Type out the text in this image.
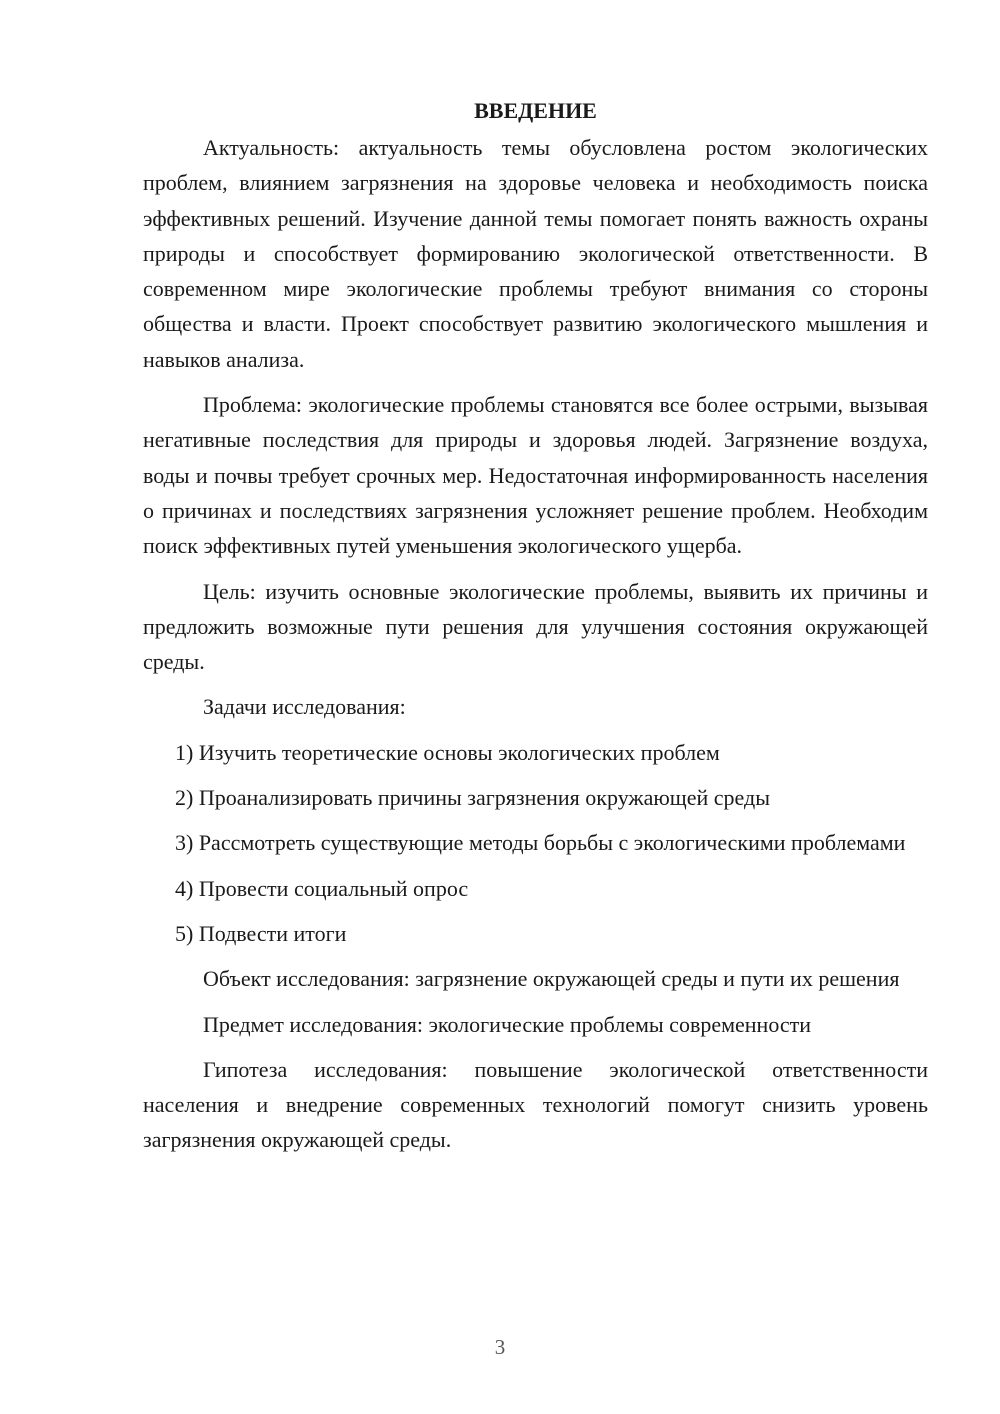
ВВЕДЕНИЕ

Актуальность: актуальность темы обусловлена ростом экологических проблем, влиянием загрязнения на здоровье человека и необходимость поиска эффективных решений. Изучение данной темы помогает понять важность охраны природы и способствует формированию экологической ответственности. В современном мире экологические проблемы требуют внимания со стороны общества и власти. Проект способствует развитию экологического мышления и навыков анализа.

Проблема: экологические проблемы становятся все более острыми, вызывая негативные последствия для природы и здоровья людей. Загрязнение воздуха, воды и почвы требует срочных мер. Недостаточная информированность населения о причинах и последствиях загрязнения усложняет решение проблем. Необходим поиск эффективных путей уменьшения экологического ущерба.

Цель: изучить основные экологические проблемы, выявить их причины и предложить возможные пути решения для улучшения состояния окружающей среды.

Задачи исследования:

1) Изучить теоретические основы экологических проблем

2) Проанализировать причины загрязнения окружающей среды

3) Рассмотреть существующие методы борьбы с экологическими проблемами

4) Провести социальный опрос

5) Подвести итоги

Объект исследования: загрязнение окружающей среды и пути их решения

Предмет исследования: экологические проблемы современности

Гипотеза исследования: повышение экологической ответственности населения и внедрение современных технологий помогут снизить уровень загрязнения окружающей среды.

3
